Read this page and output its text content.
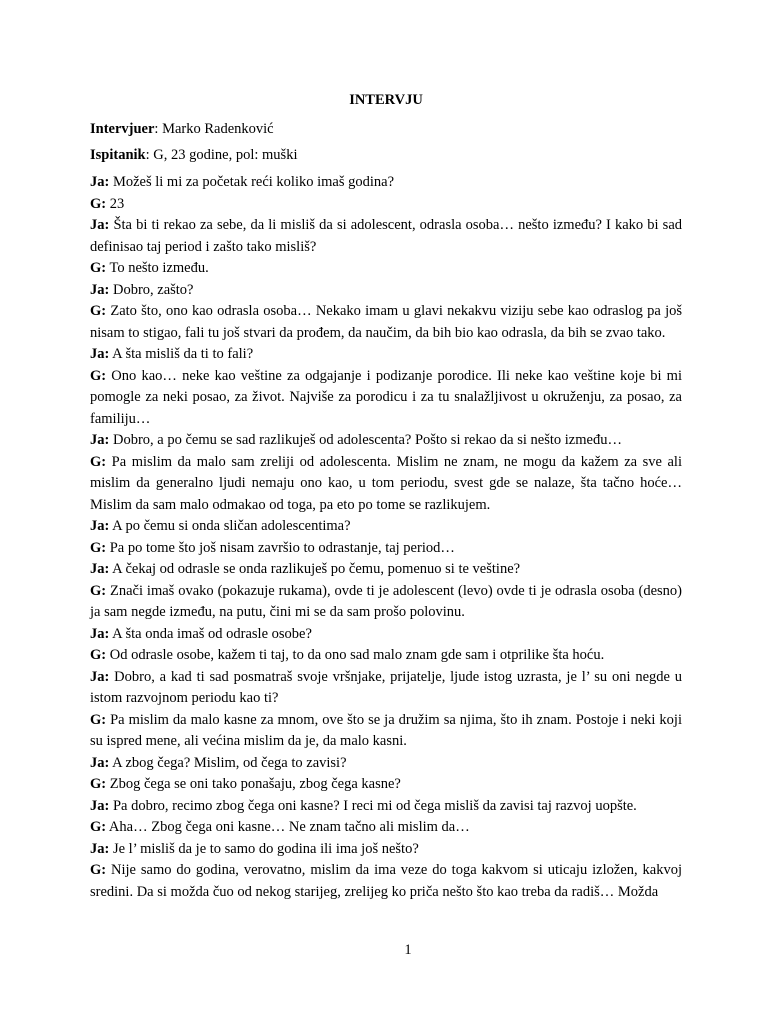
INTERVJU

Intervjuer: Marko Radenković

Ispitanik: G, 23 godine, pol: muški

Ja: Možeš li mi za početak reći koliko imaš godina?

G: 23

Ja: Šta bi ti rekao za sebe, da li misliš da si adolescent, odrasla osoba… nešto između? I kako bi sad definisao taj period i zašto tako misliš?

G: To nešto između.

Ja: Dobro, zašto?

G: Zato što, ono kao odrasla osoba… Nekako imam u glavi nekakvu viziju sebe kao odraslog pa još nisam to stigao, fali tu još stvari da prođem, da naučim, da bih bio kao odrasla, da bih se zvao tako.

Ja: A šta misliš da ti to fali?

G: Ono kao… neke kao veštine za odgajanje i podizanje porodice. Ili neke kao veštine koje bi mi pomogle za neki posao, za život. Najviše za porodicu i za tu snalažljivost u okruženju, za posao, za familiju…

Ja: Dobro, a po čemu se sad razlikuješ od adolescenta? Pošto si rekao da si nešto između…

G: Pa mislim da malo sam zreliji od adolescenta. Mislim ne znam, ne mogu da kažem za sve ali mislim da generalno ljudi nemaju ono kao, u tom periodu, svest gde se nalaze, šta tačno hoće… Mislim da sam malo odmakao od toga, pa eto po tome se razlikujem.

Ja: A po čemu si onda sličan adolescentima?

G: Pa po tome što još nisam završio to odrastanje, taj period…

Ja: A čekaj od odrasle se onda razlikuješ po čemu, pomenuo si te veštine?

G: Znači imaš ovako (pokazuje rukama), ovde ti je adolescent (levo) ovde ti je odrasla osoba (desno) ja sam negde između, na putu, čini mi se da sam prošo polovinu.

Ja: A šta onda imaš od odrasle osobe?

G: Od odrasle osobe, kažem ti taj, to da ono sad malo znam gde sam i otprilike šta hoću.

Ja: Dobro, a kad ti sad posmatraš svoje vršnjake, prijatelje, ljude istog uzrasta, je l’ su oni negde u istom razvojnom periodu kao ti?

G: Pa mislim da malo kasne za mnom, ove što se ja družim sa njima, što ih znam. Postoje i neki koji su ispred mene, ali većina mislim da je, da malo kasni.

Ja: A zbog čega? Mislim, od čega to zavisi?

G: Zbog čega se oni tako ponašaju, zbog čega kasne?

Ja: Pa dobro, recimo zbog čega oni kasne? I reci mi od čega misliš da zavisi taj razvoj uopšte.

G: Aha… Zbog čega oni kasne… Ne znam tačno ali mislim da…

Ja: Je l’ misliš da je to samo do godina ili ima još nešto?

G: Nije samo do godina, verovatno, mislim da ima veze do toga kakvom si uticaju izložen, kakvoj sredini. Da si možda čuo od nekog starijeg, zrelijeg ko priča nešto što kao treba da radiš… Možda

1
